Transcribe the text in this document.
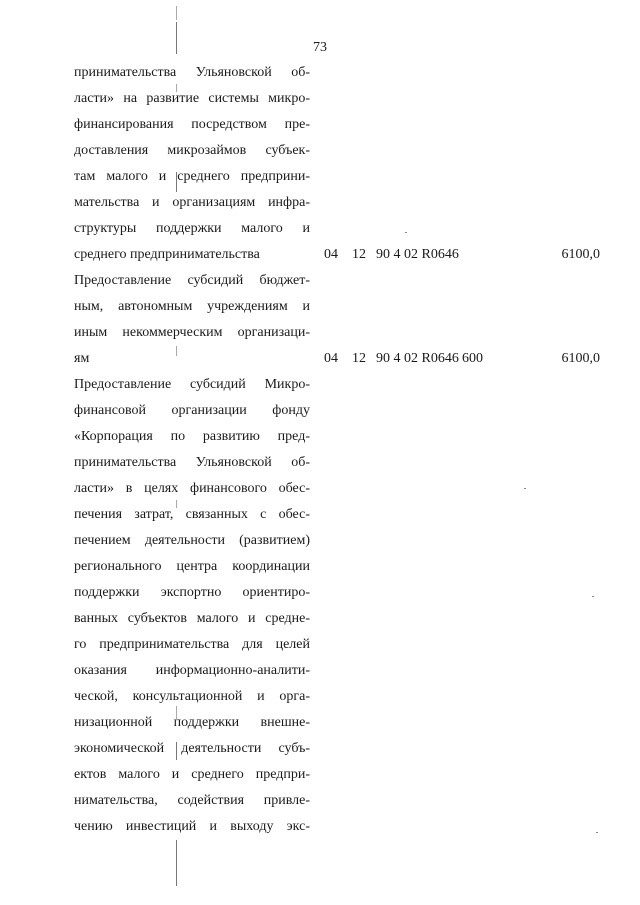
73
принимательства Ульяновской об-
ласти» на развитие системы микро-
финансирования посредством пре-
доставления микрозаймов субъек-
там малого и среднего предприни-
мательства и организациям инфра-
структуры поддержки малого и
среднего предпринимательства	04 12 90 4 02 R0646	6100,0
Предоставление субсидий бюджет-
ным, автономным учреждениям и
иным некоммерческим организаци-
ям	04 12 90 4 02 R0646 600	6100,0
Предоставление субсидий Микро-
финансовой организации фонду
«Корпорация по развитию пред-
принимательства Ульяновской об-
ласти» в целях финансового обес-
печения затрат, связанных с обес-
печением деятельности (развитием)
регионального центра координации
поддержки экспортно ориентиро-
ванных субъектов малого и средне-
го предпринимательства для целей
оказания информационно-аналити-
ческой, консультационной и орга-
низационной поддержки внешне-
экономической деятельности субъ-
ектов малого и среднего предпри-
нимательства, содействия привле-
чению инвестиций и выходу экс-
